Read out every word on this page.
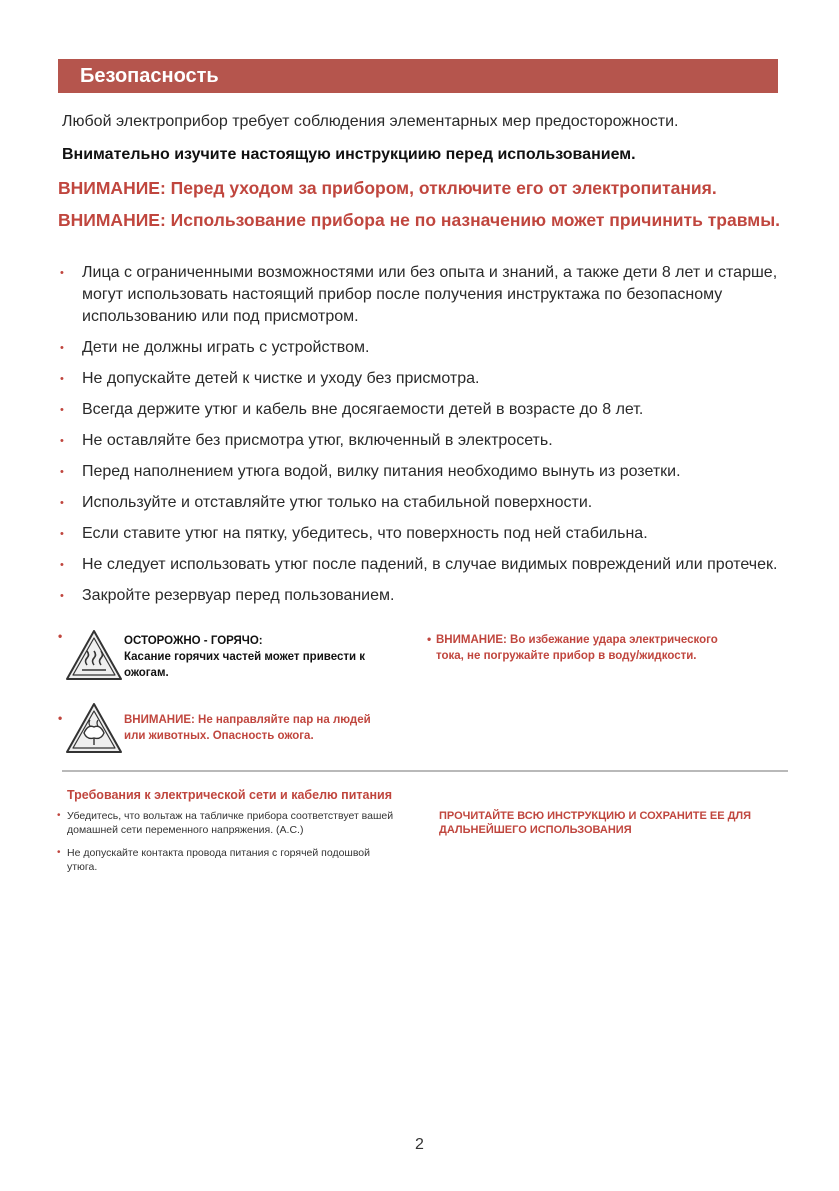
Безопасность
Любой электроприбор требует соблюдения элементарных мер предосторожности.
Внимательно изучите настоящую инструкциию перед использованием.
ВНИМАНИЕ: Перед уходом за прибором, отключите его от электропитания.
ВНИМАНИЕ: Использование прибора не по назначению может причинить травмы.
• Лица с ограниченными возможностями или без опыта и знаний, а также дети 8 лет и старше, могут использовать настоящий прибор после получения инструктажа по безопасному использованию или под присмотром.
• Дети не должны играть с устройством.
• Не допускайте детей к чистке и уходу без присмотра.
• Всегда держите утюг и кабель вне досягаемости детей в возрасте до 8 лет.
• Не оставляйте без присмотра утюг, включенный в электросеть.
• Перед наполнением утюга водой, вилку питания необходимо вынуть из розетки.
• Используйте и отставляйте утюг только на стабильной поверхности.
• Если ставите утюг на пятку, убедитесь, что поверхность под ней стабильна.
• Не следует использовать утюг после падений, в случае видимых повреждений или протечек.
• Закройте резервуар перед пользованием.
•	ОСТОРОЖНО - ГОРЯЧО:
Касание горячих частей может привести к ожогам.
• ВНИМАНИЕ: Во избежание удара электрического тока, не погружайте прибор в воду/жидкости.
•	ВНИМАНИЕ: Не направляйте пар на людей или животных. Опасность ожога.
Требования к электрической сети и кабелю питания
• Убедитесь, что вольтаж на табличке прибора соответствует вашей домашней сети переменного напряжения. (A.C.)
• Не допускайте контакта провода питания с горячей подошвой утюга.
ПРОЧИТАЙТЕ ВСЮ ИНСТРУКЦИЮ И СОХРАНИТЕ ЕЕ ДЛЯ ДАЛЬНЕЙШЕГО ИСПОЛЬЗОВАНИЯ
2
